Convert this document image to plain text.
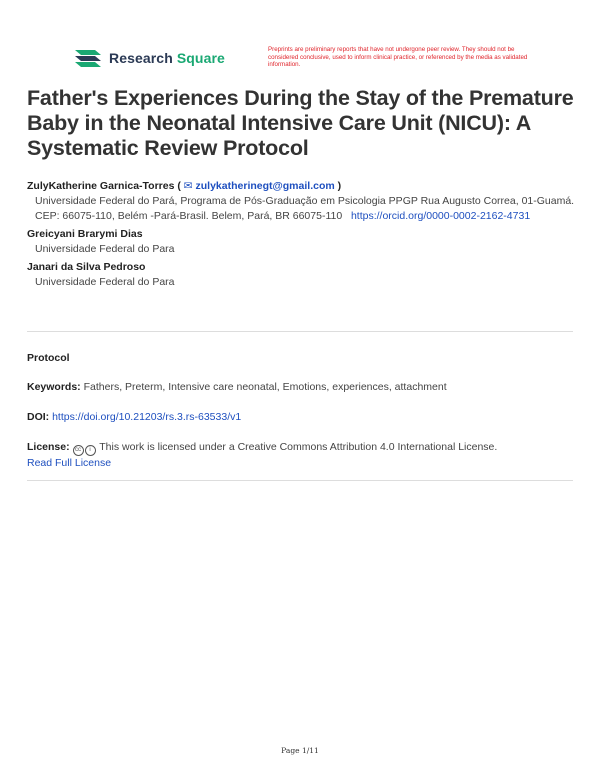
Research Square
Preprints are preliminary reports that have not undergone peer review. They should not be considered conclusive, used to inform clinical practice, or referenced by the media as validated information.
Father's Experiences During the Stay of the Premature Baby in the Neonatal Intensive Care Unit (NICU): A Systematic Review Protocol
ZulyKatherine Garnica-Torres ( ✉ zulykatherinegt@gmail.com )
Universidade Federal do Pará, Programa de Pós-Graduação em Psicologia PPGP Rua Augusto Correa, 01-Guamá. CEP: 66075-110, Belém -Pará-Brasil. Belem, Pará, BR 66075-110 https://orcid.org/0000-0002-2162-4731
Greicyani Brarymi Dias
Universidade Federal do Para
Janari da Silva Pedroso
Universidade Federal do Para
Protocol
Keywords: Fathers, Preterm, Intensive care neonatal, Emotions, experiences, attachment
DOI: https://doi.org/10.21203/rs.3.rs-63533/v1
License: cc i This work is licensed under a Creative Commons Attribution 4.0 International License.
Read Full License
Page 1/11
